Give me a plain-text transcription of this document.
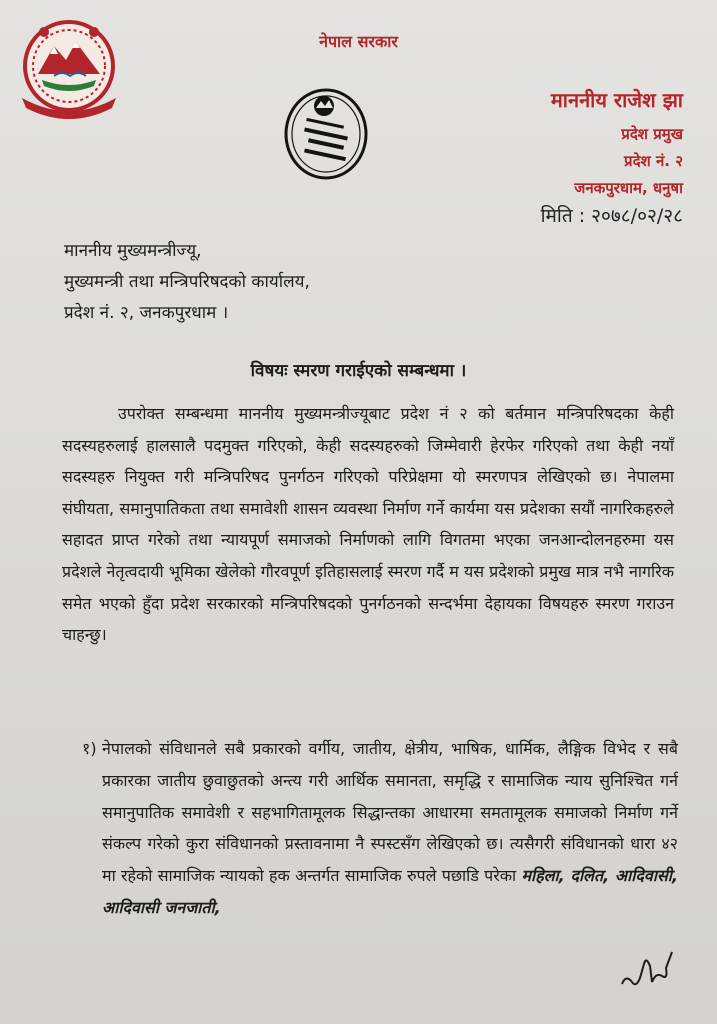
नेपाल सरकार
माननीय राजेश झा
प्रदेश प्रमुख
प्रदेश नं. २
जनकपुरधाम, धनुषा
मिति : २०७८/०२/२८
माननीय मुख्यमन्त्रीज्यू,
मुख्यमन्त्री तथा मन्त्रिपरिषदको कार्यालय,
प्रदेश नं. २, जनकपुरधाम ।
विषयः स्मरण गराईएको सम्बन्धमा ।

उपरोक्त सम्बन्धमा माननीय मुख्यमन्त्रीज्यूबाट प्रदेश नं २ को बर्तमान मन्त्रिपरिषदका केही सदस्यहरुलाई हालसालै पदमुक्त गरिएको, केही सदस्यहरुको जिम्मेवारी हेरफेर गरिएको तथा केही नयाँ सदस्यहरु नियुक्त गरी मन्त्रिपरिषद पुनर्गठन गरिएको परिप्रेक्षमा यो स्मरणपत्र लेखिएको छ। नेपालमा संघीयता, समानुपातिकता तथा समावेशी शासन व्यवस्था निर्माण गर्ने कार्यमा यस प्रदेशका सयौं नागरिकहरुले सहादत प्राप्त गरेको तथा न्यायपूर्ण समाजको निर्माणको लागि विगतमा भएका जनआन्दोलनहरुमा यस प्रदेशले नेतृत्वदायी भूमिका खेलेको गौरवपूर्ण इतिहासलाई स्मरण गर्दै म यस प्रदेशको प्रमुख मात्र नभै नागरिक समेत भएको हुँदा प्रदेश सरकारको मन्त्रिपरिषदको पुनर्गठनको सन्दर्भमा देहायका विषयहरु स्मरण गराउन चाहन्छु।

१) नेपालको संविधानले सबै प्रकारको वर्गीय, जातीय, क्षेत्रीय, भाषिक, धार्मिक, लैङ्गिक विभेद र सबै प्रकारका जातीय छुवाछुतको अन्त्य गरी आर्थिक समानता, समृद्धि र सामाजिक न्याय सुनिश्चित गर्न समानुपातिक समावेशी र सहभागितामूलक सिद्धान्तका आधारमा समतामूलक समाजको निर्माण गर्ने संकल्प गरेको कुरा संविधानको प्रस्तावनामा नै स्पस्टसँग लेखिएको छ। त्यसैगरी संविधानको धारा ४२ मा रहेको सामाजिक न्यायको हक अन्तर्गत सामाजिक रुपले पछाडि परेका महिला, दलित, आदिवासी, आदिवासी जनजाती,
